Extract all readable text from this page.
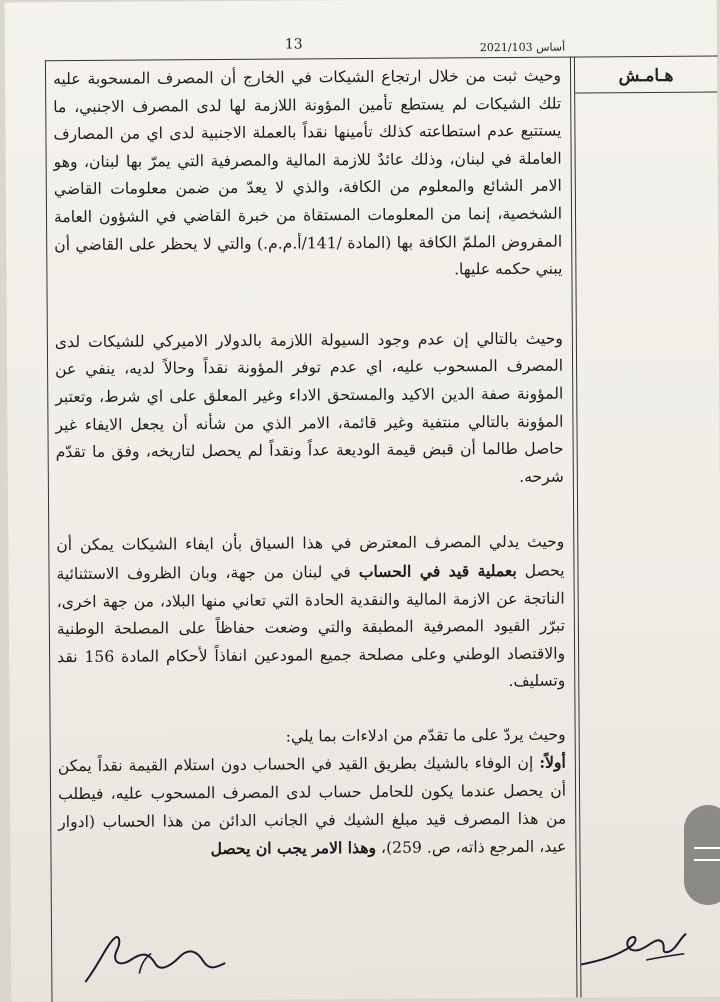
13	أساس 2021/103
هـامـش

وحيث ثبت من خلال ارتجاع الشيكات في الخارج أن المصرف المسحوبة عليه تلك الشيكات لم يستطع تأمين المؤونة اللازمة لها لدى المصرف الاجنبي، ما يستتبع عدم استطاعته كذلك تأمينها نقداً بالعملة الاجنبية لدى اي من المصارف العاملة في لبنان، وذلك عائدٌ للازمة المالية والمصرفية التي يمرّ بها لبنان، وهو الامر الشائع والمعلوم من الكافة، والذي لا يعدّ من ضمن معلومات القاضي الشخصية، إنما من المعلومات المستقاة من خبرة القاضي في الشؤون العامة المفروض الملمّ الكافة بها (المادة /141/أ.م.م.) والتي لا يحظر على القاضي أن يبني حكمه عليها.

وحيث بالتالي إن عدم وجود السيولة اللازمة بالدولار الاميركي للشيكات لدى المصرف المسحوب عليه، اي عدم توفر المؤونة نقداً وحالاً لديه، ينفي عن المؤونة صفة الدين الاكيد والمستحق الاداء وغير المعلق على اي شرط، وتعتبر المؤونة بالتالي منتفية وغير قائمة، الامر الذي من شأنه أن يجعل الايفاء غير حاصل طالما أن قبض قيمة الوديعة عداً ونقداً لم يحصل لتاريخه، وفق ما تقدّم شرحه.

وحيث يدلي المصرف المعترض في هذا السياق بأن ايفاء الشيكات يمكن أن يحصل بعملية قيد في الحساب في لبنان من جهة، وبان الظروف الاستثنائية الناتجة عن الازمة المالية والنقدية الحادة التي تعاني منها البلاد، من جهة اخرى، تبرّر القيود المصرفية المطبقة والتي وضعت حفاظاً على المصلحة الوطنية والاقتصاد الوطني وعلى مصلحة جميع المودعين انفاذاً لأحكام المادة 156 نقد وتسليف.

وحيث يردّ على ما تقدّم من ادلاءات بما يلي:

أولاً: إن الوفاء بالشيك بطريق القيد في الحساب دون استلام القيمة نقداً يمكن أن يحصل عندما يكون للحامل حساب لدى المصرف المسحوب عليه، فيطلب من هذا المصرف قيد مبلغ الشيك في الجانب الدائن من هذا الحساب (ادوار عيد، المرجع ذاته، ص. 259)، وهذا الامر يجب ان يحصل
